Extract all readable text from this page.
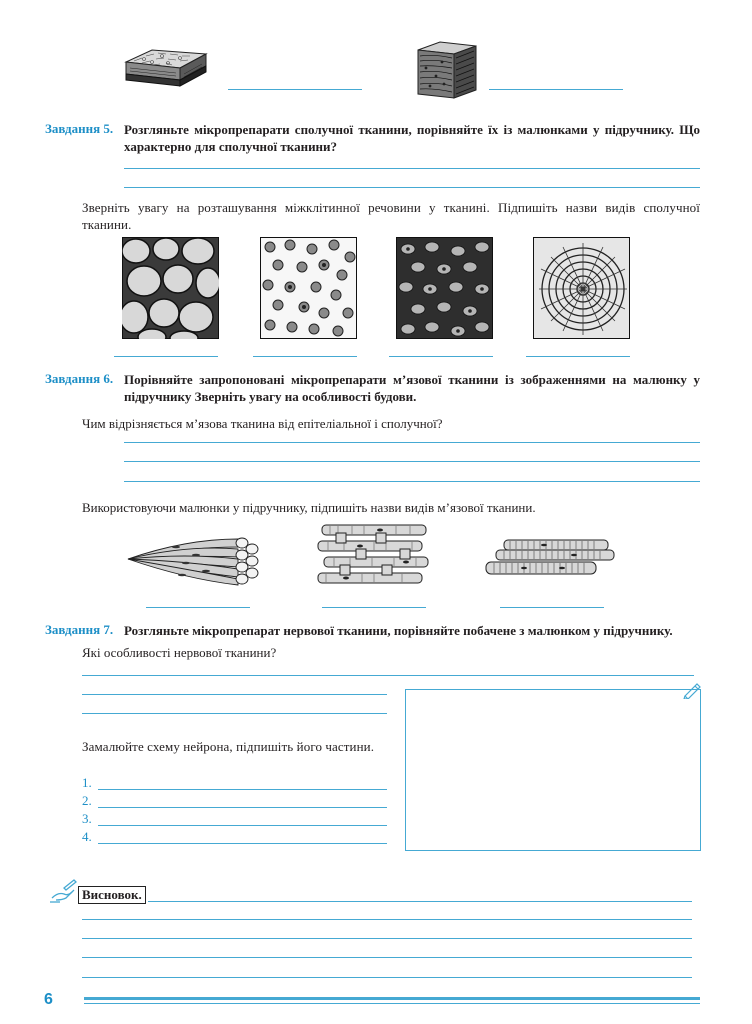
Завдання 5. Розгляньте мікропрепарати сполучної тканини, порівняйте їх із малюнками у підручнику. Що характерно для сполучної тканини?
Зверніть увагу на розташування міжклітинної речовини у тканині. Підпишіть назви видів сполучної тканини.
Завдання 6. Порівняйте запропоновані мікропрепарати м’язової тканини із зображеннями на малюнку у підручнику Зверніть увагу на особливості будови.
Чим відрізняється м’язова тканина від епітеліальної і сполучної?
Використовуючи малюнки у підручнику, підпишіть назви видів м’язової тканини.
Завдання 7. Розгляньте мікропрепарат нервової тканини, порівняйте побачене з малюнком у підручнику.
Які особливості нервової тканини?
Замалюйте схему нейрона, підпишіть його частини.
1.
2.
3.
4.
Висновок.
6
